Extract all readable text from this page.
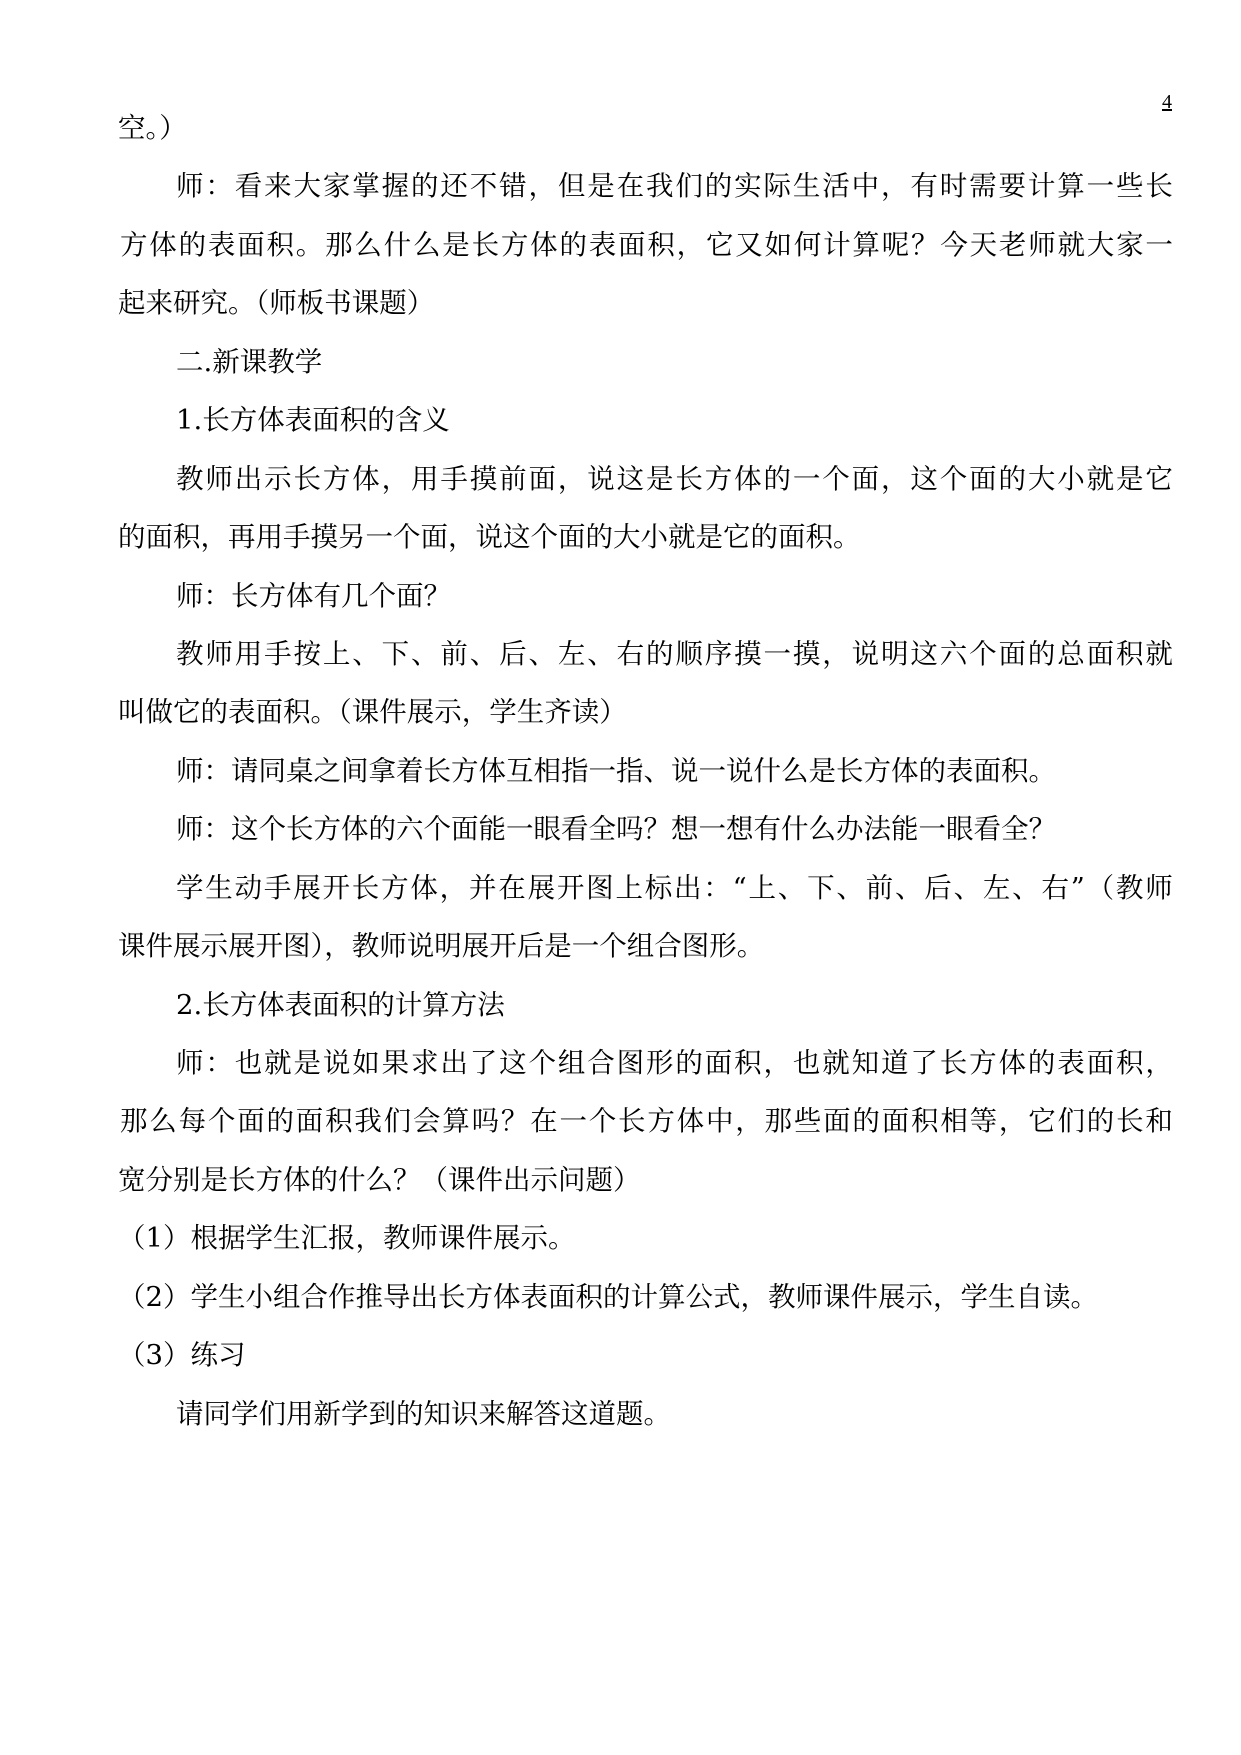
4

空。）

师 ： 看 来 大 家 掌 握 的 还 不 错 ， 但 是 在 我 们 的 实 际 生 活 中 ， 有 时 需 要 计 算 一 些 长

方 体 的 表 面 积 。 那 么 什 么 是 长 方 体 的 表 面 积 ， 它 又 如 何 计 算 呢 ？ 今 天 老 师 就 大 家 一

起来研究。（师板书课题）

二.新课教学

1.长方体表面积的含义

教 师 出 示 长 方 体 ， 用 手 摸 前 面 ， 说 这 是 长 方 体 的 一 个 面 ， 这 个 面 的 大 小 就 是 它

的面积，再用手摸另一个面，说这个面的大小就是它的面积。

师：长方体有几个面？

教 师 用 手 按 上 、 下 、 前 、 后 、 左 、 右 的 顺 序 摸 一 摸 ， 说 明 这 六 个 面 的 总 面 积 就

叫做它的表面积。（课件展示，学生齐读）

师：请同桌之间拿着长方体互相指一指、说一说什么是长方体的表面积。

师：这个长方体的六个面能一眼看全吗？想一想有什么办法能一眼看全？

学 生 动 手 展 开 长 方 体 ， 并 在 展 开 图 上 标 出 ： “ 上 、 下 、 前 、 后 、 左 、 右 ” （ 教 师

课件展示展开图），教师说明展开后是一个组合图形。

2.长方体表面积的计算方法

师 ： 也 就 是 说 如 果 求 出 了 这 个 组 合 图 形 的 面 积 ， 也 就 知 道 了 长 方 体 的 表 面 积 ，

那 么 每 个 面 的 面 积 我 们 会 算 吗 ？ 在 一 个 长 方 体 中 ， 那 些 面 的 面 积 相 等 ， 它 们 的 长 和

宽分别是长方体的什么？（课件出示问题）

（1）根据学生汇报，教师课件展示。

（2）学生小组合作推导出长方体表面积的计算公式，教师课件展示，学生自读。

（3）练习

请同学们用新学到的知识来解答这道题。
